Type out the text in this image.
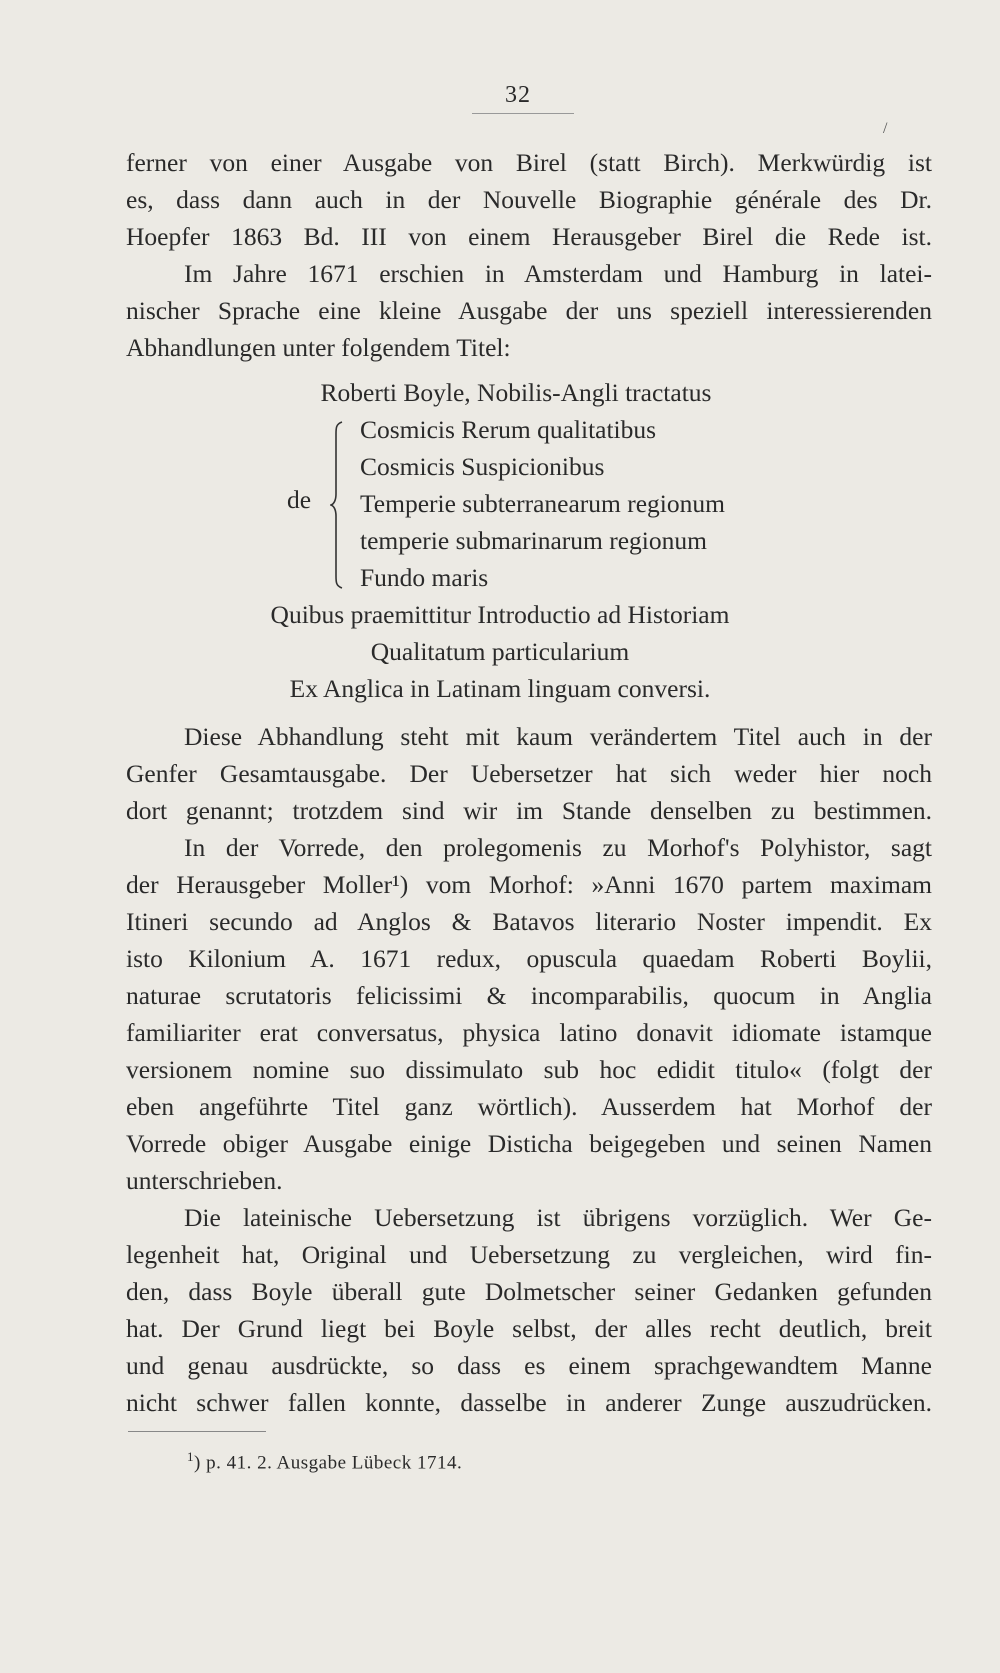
32
/
ferner von einer Ausgabe von Birel (statt Birch). Merkwürdig ist
es, dass dann auch in der Nouvelle Biographie générale des Dr.
Hoepfer 1863 Bd. III von einem Herausgeber Birel die Rede ist.
Im Jahre 1671 erschien in Amsterdam und Hamburg in latei-
nischer Sprache eine kleine Ausgabe der uns speziell interessierenden
Abhandlungen unter folgendem Titel:
Roberti Boyle, Nobilis-Angli tractatus
de
Cosmicis Rerum qualitatibus
Cosmicis Suspicionibus
Temperie subterranearum regionum
temperie submarinarum regionum
Fundo maris
Quibus praemittitur Introductio ad Historiam
Qualitatum particularium
Ex Anglica in Latinam linguam conversi.
Diese Abhandlung steht mit kaum verändertem Titel auch in der
Genfer Gesamtausgabe. Der Uebersetzer hat sich weder hier noch
dort genannt; trotzdem sind wir im Stande denselben zu bestimmen.
In der Vorrede, den prolegomenis zu Morhof's Polyhistor, sagt
der Herausgeber Moller¹) vom Morhof: »Anni 1670 partem maximam
Itineri secundo ad Anglos & Batavos literario Noster impendit. Ex
isto Kilonium A. 1671 redux, opuscula quaedam Roberti Boylii,
naturae scrutatoris felicissimi & incomparabilis, quocum in Anglia
familiariter erat conversatus, physica latino donavit idiomate istamque
versionem nomine suo dissimulato sub hoc edidit titulo« (folgt der
eben angeführte Titel ganz wörtlich). Ausserdem hat Morhof der
Vorrede obiger Ausgabe einige Disticha beigegeben und seinen Namen
unterschrieben.
Die lateinische Uebersetzung ist übrigens vorzüglich. Wer Ge-
legenheit hat, Original und Uebersetzung zu vergleichen, wird fin-
den, dass Boyle überall gute Dolmetscher seiner Gedanken gefunden
hat. Der Grund liegt bei Boyle selbst, der alles recht deutlich, breit
und genau ausdrückte, so dass es einem sprachgewandtem Manne
nicht schwer fallen konnte, dasselbe in anderer Zunge auszudrücken.
$^1$) p. 41. 2. Ausgabe Lübeck 1714.
